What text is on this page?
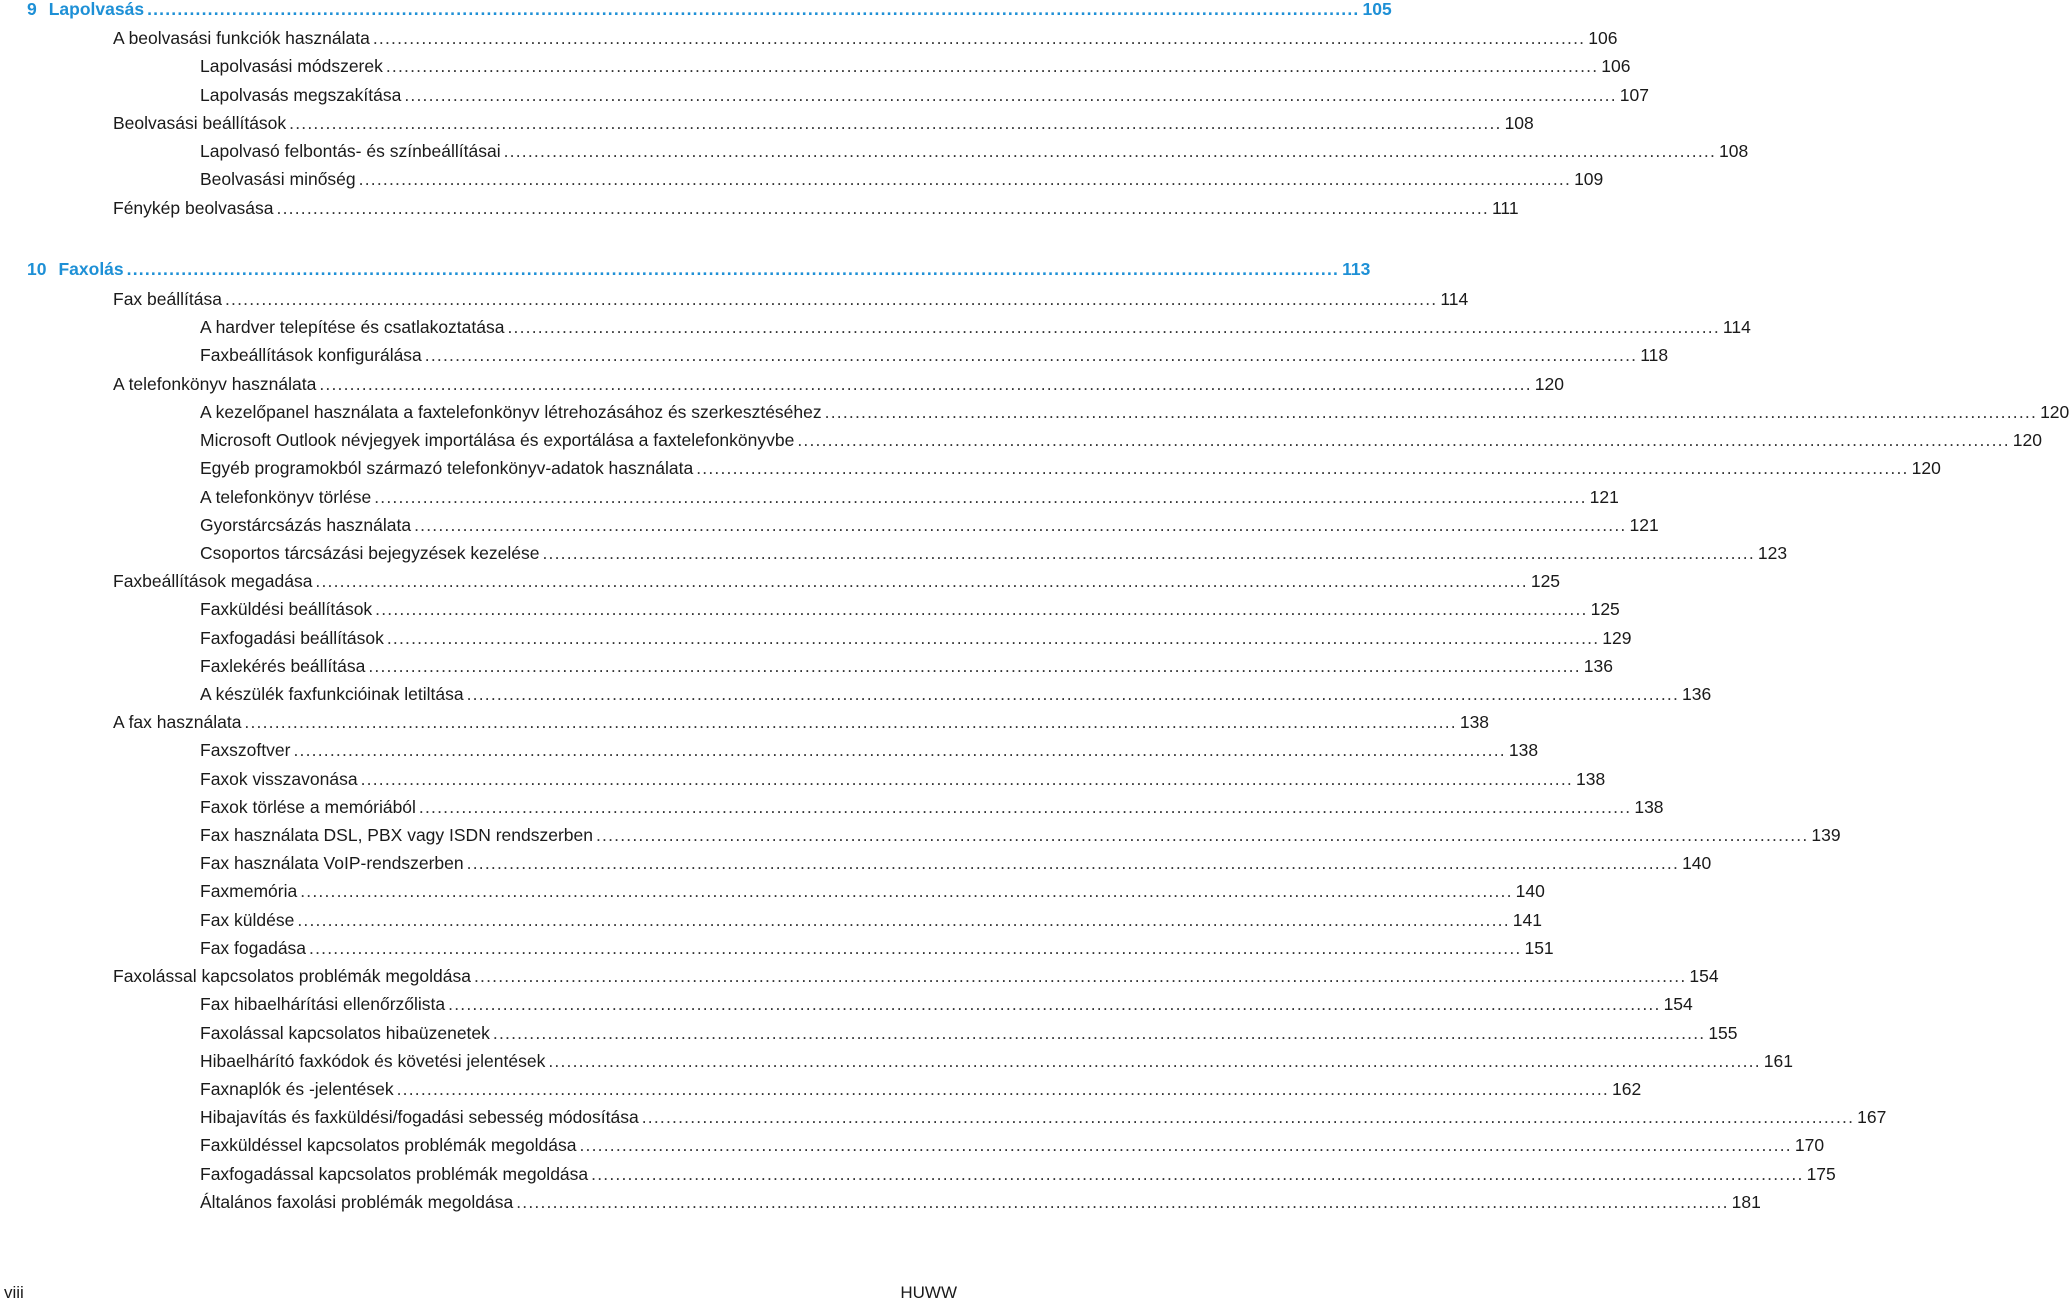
9 Lapolvasás ........................................................................................................................................................................................................ 105
A beolvasási funkciók használata ........................................................................................................................................................................................................ 106
Lapolvasási módszerek ........................................................................................................................................................................................................ 106
Lapolvasás megszakítása ........................................................................................................................................................................................................ 107
Beolvasási beállítások ........................................................................................................................................................................................................ 108
Lapolvasó felbontás- és színbeállításai ........................................................................................................................................................................................................ 108
Beolvasási minőség ........................................................................................................................................................................................................ 109
Fénykép beolvasása ........................................................................................................................................................................................................ 111
10 Faxolás ........................................................................................................................................................................................................ 113
Fax beállítása ........................................................................................................................................................................................................ 114
A hardver telepítése és csatlakoztatása ........................................................................................................................................................................................................ 114
Faxbeállítások konfigurálása ........................................................................................................................................................................................................ 118
A telefonkönyv használata ........................................................................................................................................................................................................ 120
A kezelőpanel használata a faxtelefonkönyv létrehozásához és szerkesztéséhez ........................................................................................................................................................................................................ 120
Microsoft Outlook névjegyek importálása és exportálása a faxtelefonkönyvbe ........................................................................................................................................................................................................ 120
Egyéb programokból származó telefonkönyv-adatok használata ........................................................................................................................................................................................................ 120
A telefonkönyv törlése ........................................................................................................................................................................................................ 121
Gyorstárcsázás használata ........................................................................................................................................................................................................ 121
Csoportos tárcsázási bejegyzések kezelése ........................................................................................................................................................................................................ 123
Faxbeállítások megadása ........................................................................................................................................................................................................ 125
Faxküldési beállítások ........................................................................................................................................................................................................ 125
Faxfogadási beállítások ........................................................................................................................................................................................................ 129
Faxlekérés beállítása ........................................................................................................................................................................................................ 136
A készülék faxfunkcióinak letiltása ........................................................................................................................................................................................................ 136
A fax használata ........................................................................................................................................................................................................ 138
Faxszoftver ........................................................................................................................................................................................................ 138
Faxok visszavonása ........................................................................................................................................................................................................ 138
Faxok törlése a memóriából ........................................................................................................................................................................................................ 138
Fax használata DSL, PBX vagy ISDN rendszerben ........................................................................................................................................................................................................ 139
Fax használata VoIP-rendszerben ........................................................................................................................................................................................................ 140
Faxmemória ........................................................................................................................................................................................................ 140
Fax küldése ........................................................................................................................................................................................................ 141
Fax fogadása ........................................................................................................................................................................................................ 151
Faxolással kapcsolatos problémák megoldása ........................................................................................................................................................................................................ 154
Fax hibaelhárítási ellenőrzőlista ........................................................................................................................................................................................................ 154
Faxolással kapcsolatos hibaüzenetek ........................................................................................................................................................................................................ 155
Hibaelhárító faxkódok és követési jelentések ........................................................................................................................................................................................................ 161
Faxnaplók és -jelentések ........................................................................................................................................................................................................ 162
Hibajavítás és faxküldési/fogadási sebesség módosítása ........................................................................................................................................................................................................ 167
Faxküldéssel kapcsolatos problémák megoldása ........................................................................................................................................................................................................ 170
Faxfogadással kapcsolatos problémák megoldása ........................................................................................................................................................................................................ 175
Általános faxolási problémák megoldása ........................................................................................................................................................................................................ 181
viii	HUWW
